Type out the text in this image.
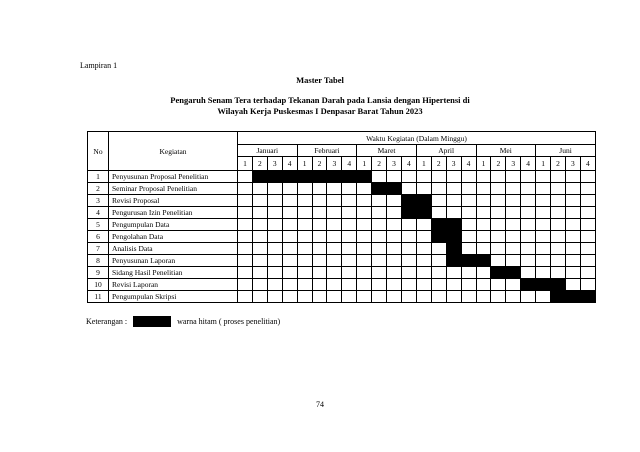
Lampiran 1
Master Tabel
Pengaruh Senam Tera terhadap Tekanan Darah pada Lansia dengan Hipertensi di
Wilayah Kerja Puskesmas I Denpasar Barat Tahun 2023
No	Kegiatan	Waktu Kegiatan (Dalam Minggu)																							
		Januari				Februari				Maret				April				Mei				Juni			
		1	2	3	4	1	2	3	4	1	2	3	4	1	2	3	4	1	2	3	4	1	2	3	4
1	Penyusunan Proposal Penelitian																								
2	Seminar Proposal Penelitian																								
3	Revisi Proposal																								
4	Pengurusan Izin Penelitian																								
5	Pengumpulan Data																								
6	Pengolahan Data																								
7	Analisis Data																								
8	Penyusunan Laporan																								
9	Sidang Hasil Penelitian																								
10	Revisi Laporan																								
11	Pengumpulan Skripsi																								
Keterangan :	warna hitam ( proses penelitian)
74
